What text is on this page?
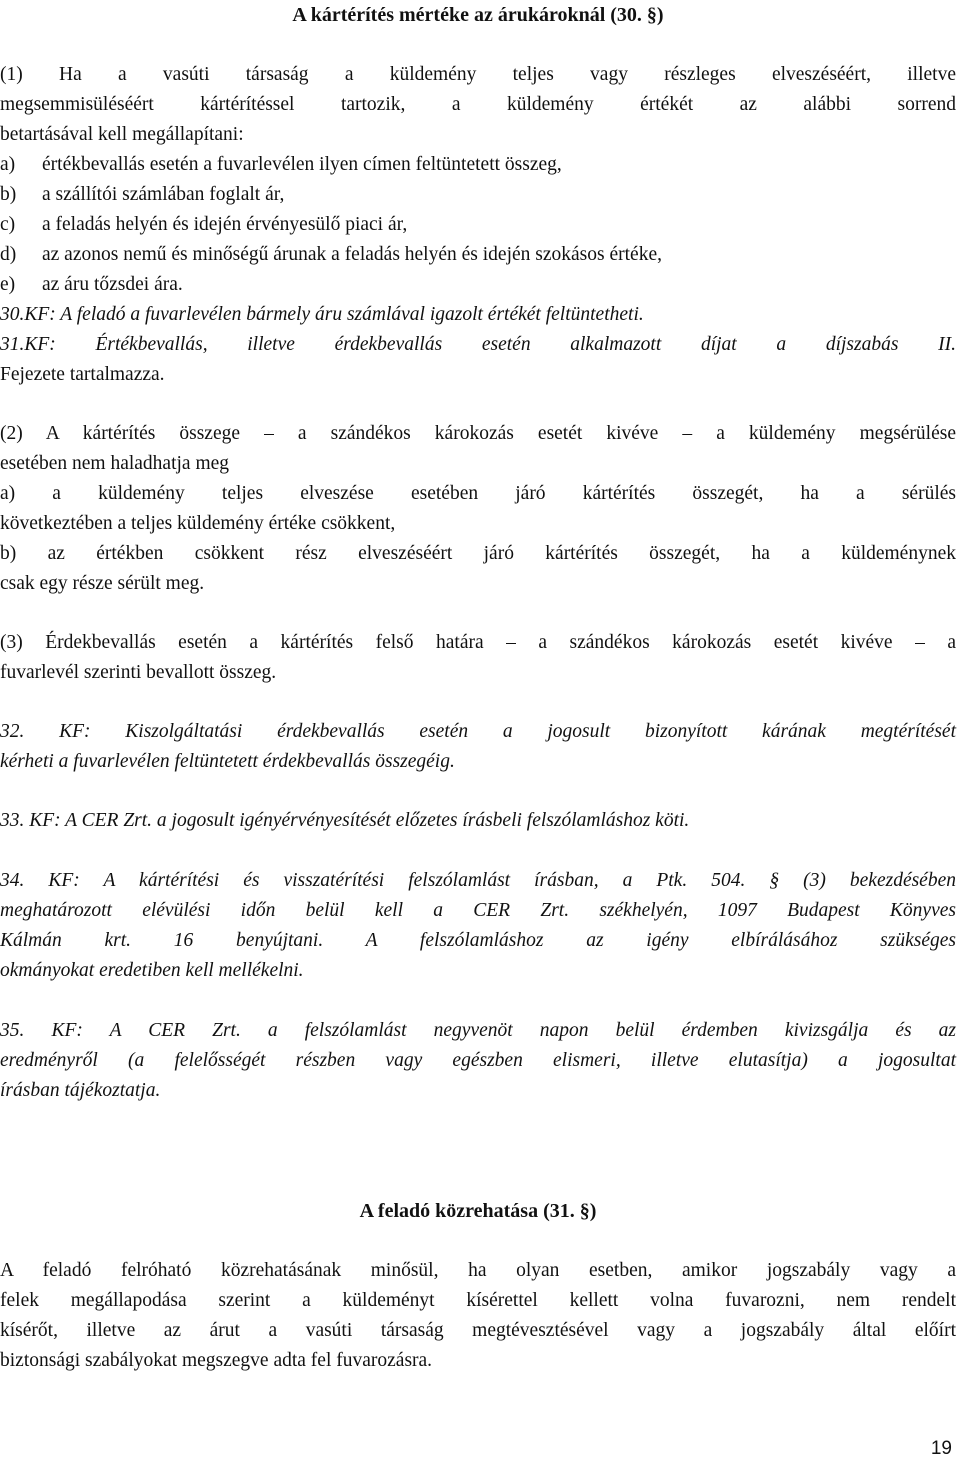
A kártérítés mértéke az árukároknál (30. §)
(1) Ha a vasúti társaság a küldemény teljes vagy részleges elveszéséért, illetve
megsemmisüléséért kártérítéssel tartozik, a küldemény értékét az alábbi sorrend
betartásával kell megállapítani:
a)	értékbevallás esetén a fuvarlevélen ilyen címen feltüntetett összeg,
b)	a szállítói számlában foglalt ár,
c)	a feladás helyén és idején érvényesülő piaci ár,
d)	az azonos nemű és minőségű árunak a feladás helyén és idején szokásos értéke,
e)	az áru tőzsdei ára.
30.KF: A feladó a fuvarlevélen bármely áru számlával igazolt értékét feltüntetheti.
31.KF: Értékbevallás, illetve érdekbevallás esetén alkalmazott díjat a díjszabás II.
Fejezete tartalmazza.
(2) A kártérítés összege – a szándékos károkozás esetét kivéve – a küldemény megsérülése
esetében nem haladhatja meg
a) a küldemény teljes elveszése esetében járó kártérítés összegét, ha a sérülés
következtében a teljes küldemény értéke csökkent,
b) az értékben csökkent rész elveszéséért járó kártérítés összegét, ha a küldeménynek
csak egy része sérült meg.
(3) Érdekbevallás esetén a kártérítés felső határa – a szándékos károkozás esetét kivéve – a
fuvarlevél szerinti bevallott összeg.
32. KF: Kiszolgáltatási érdekbevallás esetén a jogosult bizonyított kárának megtérítését
kérheti a fuvarlevélen feltüntetett érdekbevallás összegéig.
33. KF: A CER Zrt. a jogosult igényérvényesítését előzetes írásbeli felszólamláshoz köti.
34. KF: A kártérítési és visszatérítési felszólamlást írásban, a Ptk. 504. § (3) bekezdésében
meghatározott elévülési időn belül kell a CER Zrt. székhelyén, 1097 Budapest Könyves
Kálmán krt. 16 benyújtani. A felszólamláshoz az igény elbírálásához szükséges
okmányokat eredetiben kell mellékelni.
35. KF: A CER Zrt. a felszólamlást negyvenöt napon belül érdemben kivizsgálja és az
eredményről (a felelősségét részben vagy egészben elismeri, illetve elutasítja) a jogosultat
írásban tájékoztatja.
A feladó közrehatása (31. §)
A feladó felróható közrehatásának minősül, ha olyan esetben, amikor jogszabály vagy a
felek megállapodása szerint a küldeményt kísérettel kellett volna fuvarozni, nem rendelt
kísérőt, illetve az árut a vasúti társaság megtévesztésével vagy a jogszabály által előírt
biztonsági szabályokat megszegve adta fel fuvarozásra.
19
